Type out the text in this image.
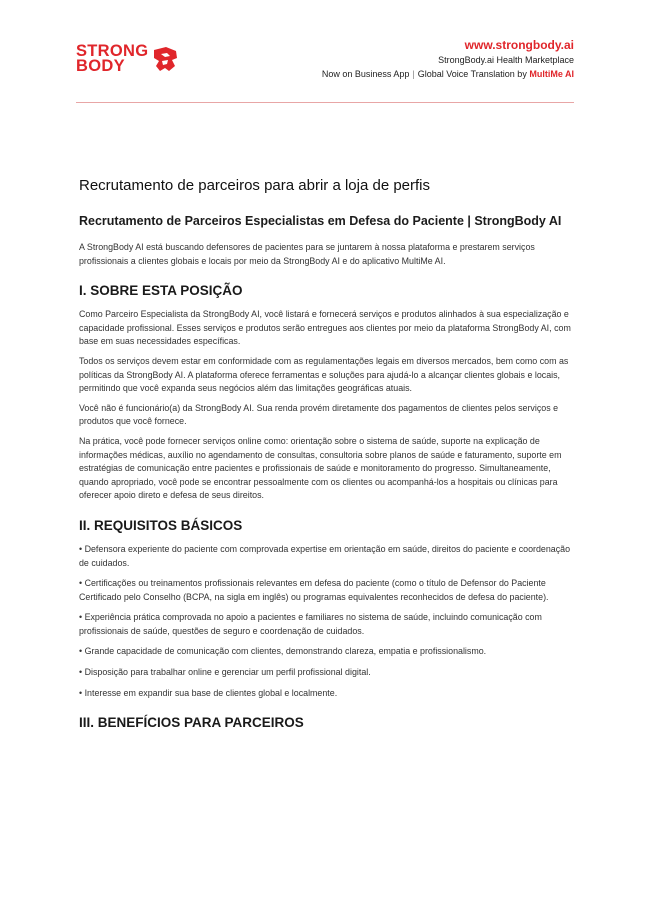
STRONG
BODY
www.strongbody.ai
StrongBody.ai Health Marketplace
Now on Business App | Global Voice Translation by MultiMe AI
Recrutamento de parceiros para abrir a loja de perfis
Recrutamento de Parceiros Especialistas em Defesa do Paciente | StrongBody AI

A StrongBody AI está buscando defensores de pacientes para se juntarem à nossa plataforma e prestarem serviços profissionais a clientes globais e locais por meio da StrongBody AI e do aplicativo MultiMe AI.

I. SOBRE ESTA POSIÇÃO

Como Parceiro Especialista da StrongBody AI, você listará e fornecerá serviços e produtos alinhados à sua especialização e capacidade profissional. Esses serviços e produtos serão entregues aos clientes por meio da plataforma StrongBody AI, com base em suas necessidades específicas.

Todos os serviços devem estar em conformidade com as regulamentações legais em diversos mercados, bem como com as políticas da StrongBody AI. A plataforma oferece ferramentas e soluções para ajudá-lo a alcançar clientes globais e locais, permitindo que você expanda seus negócios além das limitações geográficas atuais.

Você não é funcionário(a) da StrongBody AI. Sua renda provém diretamente dos pagamentos de clientes pelos serviços e produtos que você fornece.

Na prática, você pode fornecer serviços online como: orientação sobre o sistema de saúde, suporte na explicação de informações médicas, auxílio no agendamento de consultas, consultoria sobre planos de saúde e faturamento, suporte em estratégias de comunicação entre pacientes e profissionais de saúde e monitoramento do progresso. Simultaneamente, quando apropriado, você pode se encontrar pessoalmente com os clientes ou acompanhá-los a hospitais ou clínicas para oferecer apoio direto e defesa de seus direitos.

II. REQUISITOS BÁSICOS

• Defensora experiente do paciente com comprovada expertise em orientação em saúde, direitos do paciente e coordenação de cuidados.

• Certificações ou treinamentos profissionais relevantes em defesa do paciente (como o título de Defensor do Paciente Certificado pelo Conselho (BCPA, na sigla em inglês) ou programas equivalentes reconhecidos de defesa do paciente).

• Experiência prática comprovada no apoio a pacientes e familiares no sistema de saúde, incluindo comunicação com profissionais de saúde, questões de seguro e coordenação de cuidados.

• Grande capacidade de comunicação com clientes, demonstrando clareza, empatia e profissionalismo.

• Disposição para trabalhar online e gerenciar um perfil profissional digital.

• Interesse em expandir sua base de clientes global e localmente.

III. BENEFÍCIOS PARA PARCEIROS
